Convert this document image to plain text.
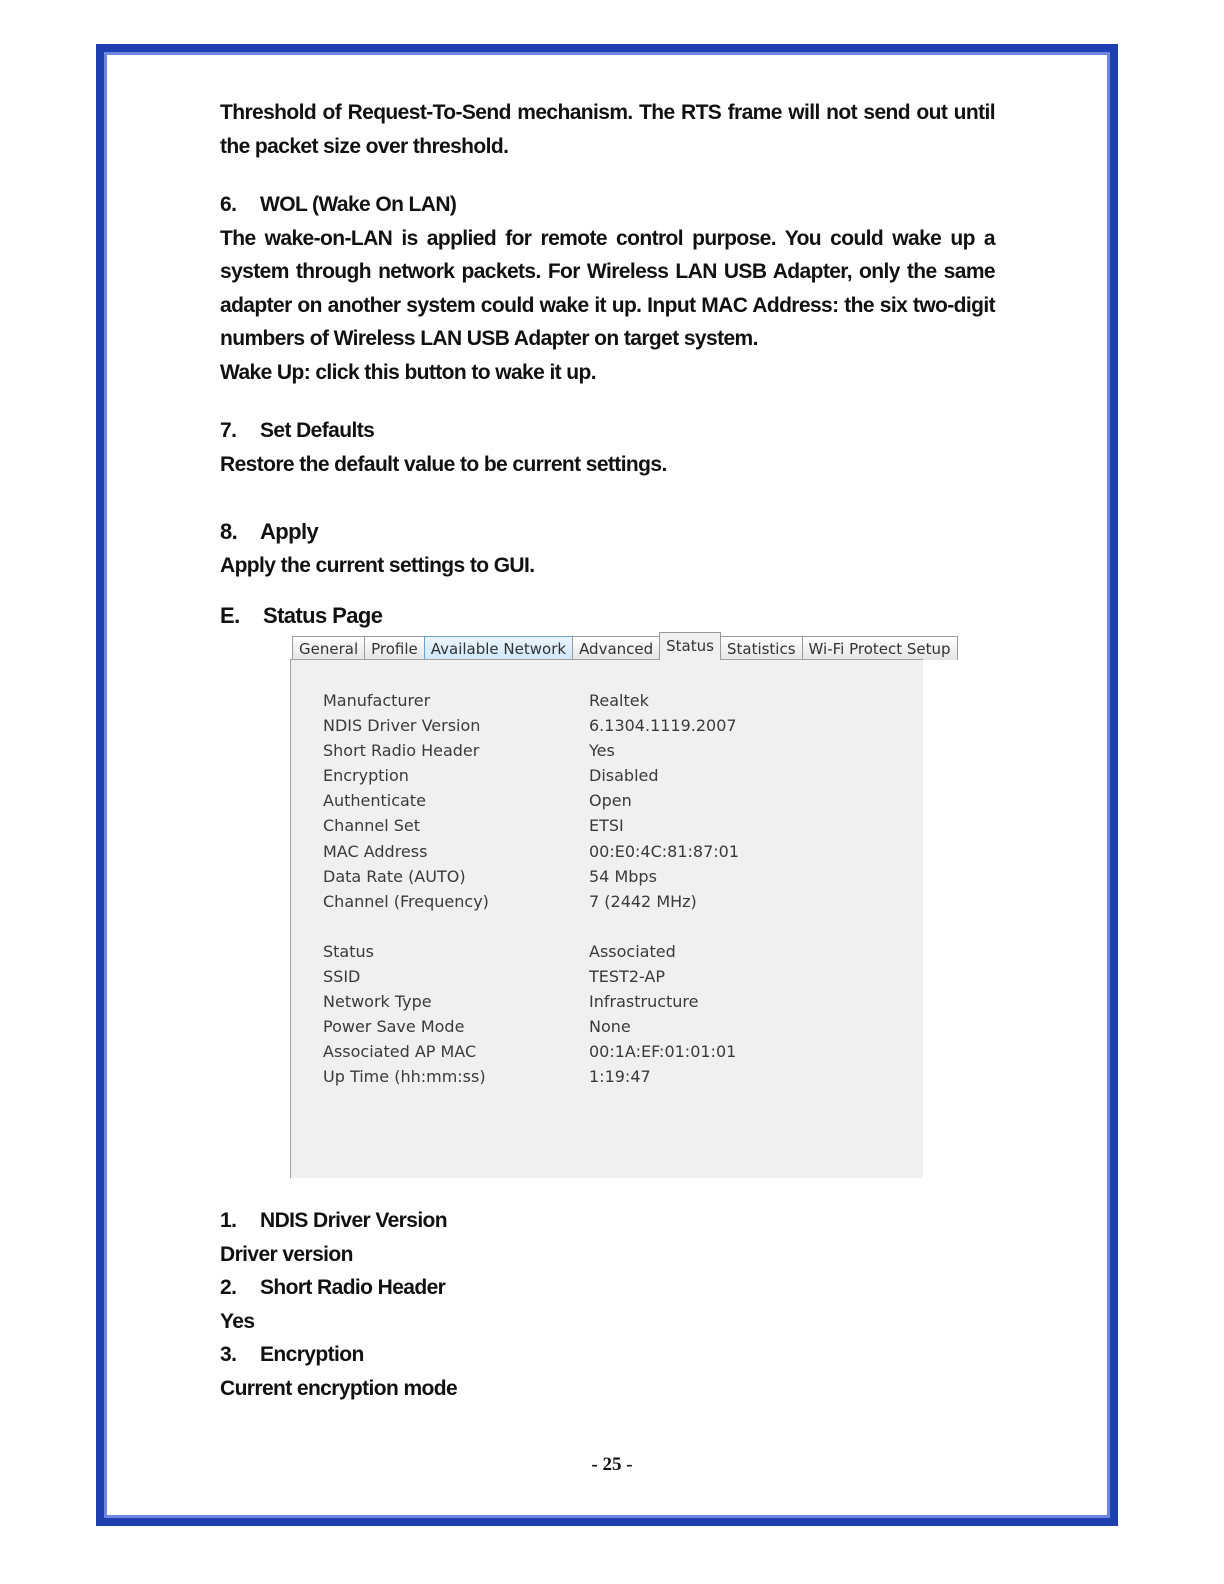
Threshold of Request-To-Send mechanism. The RTS frame will not send out until the packet size over threshold.

6.	WOL (Wake On LAN)

The wake-on-LAN is applied for remote control purpose. You could wake up a system through network packets. For Wireless LAN USB Adapter, only the same adapter on another system could wake it up. Input MAC Address: the six two-digit numbers of Wireless LAN USB Adapter on target system.

Wake Up: click this button to wake it up.

7.	Set Defaults

Restore the default value to be current settings.

8.	Apply

Apply the current settings to GUI.

E.	Status Page
General Profile Available Network Advanced Status Statistics Wi-Fi Protect Setup
Manufacturer	Realtek
NDIS Driver Version	6.1304.1119.2007
Short Radio Header	Yes
Encryption	Disabled
Authenticate	Open
Channel Set	ETSI
MAC Address	00:E0:4C:81:87:01
Data Rate (AUTO)	54 Mbps
Channel (Frequency)	7 (2442 MHz)
Status	Associated
SSID	TEST2-AP
Network Type	Infrastructure
Power Save Mode	None
Associated AP MAC	00:1A:EF:01:01:01
Up Time (hh:mm:ss)	1:19:47
1.	NDIS Driver Version

Driver version

2.	Short Radio Header

Yes

3.	Encryption

Current encryption mode

- 25 -
